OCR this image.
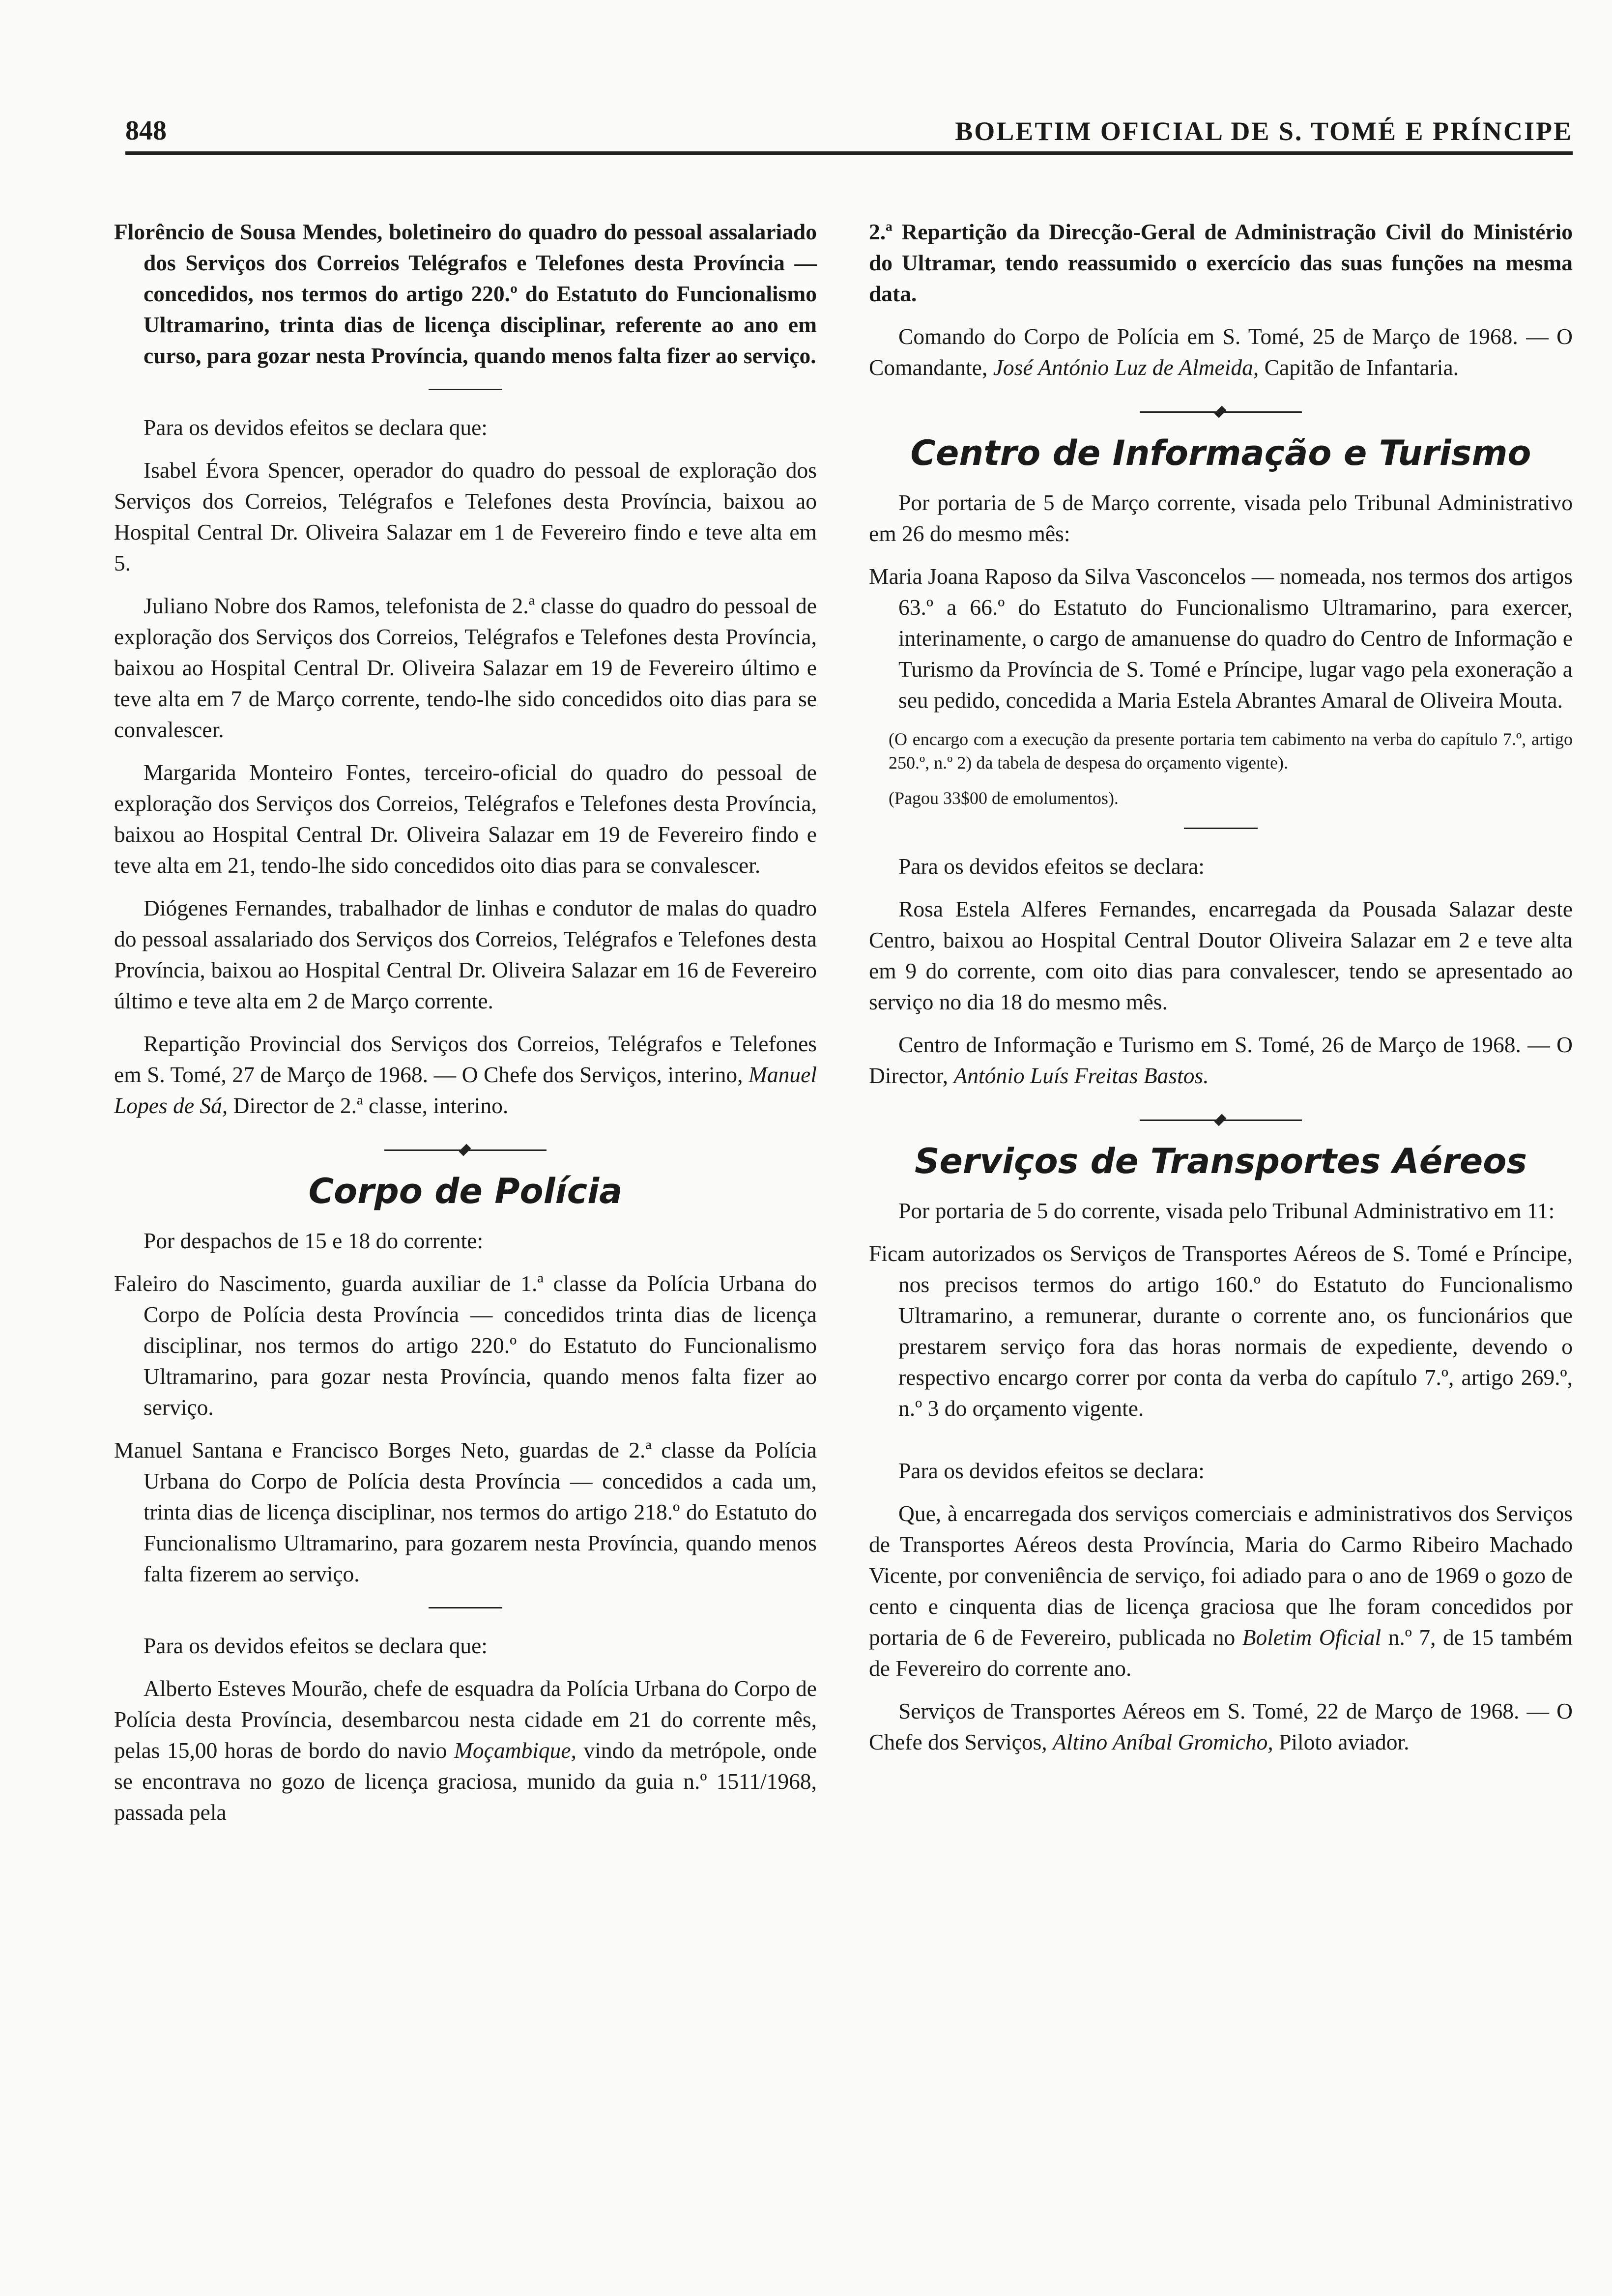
848	BOLETIM OFICIAL DE S. TOMÉ E PRÍNCIPE

Florêncio de Sousa Mendes, boletineiro do quadro do pessoal assalariado dos Serviços dos Correios Telégrafos e Telefones desta Província — concedidos, nos termos do artigo 220.º do Estatuto do Funcionalismo Ultramarino, trinta dias de licença disciplinar, referente ao ano em curso, para gozar nesta Província, quando menos falta fizer ao serviço.

Para os devidos efeitos se declara que:

Isabel Évora Spencer, operador do quadro do pessoal de exploração dos Serviços dos Correios, Telégrafos e Telefones desta Província, baixou ao Hospital Central Dr. Oliveira Salazar em 1 de Fevereiro findo e teve alta em 5.

Juliano Nobre dos Ramos, telefonista de 2.ª classe do quadro do pessoal de exploração dos Serviços dos Correios, Telégrafos e Telefones desta Província, baixou ao Hospital Central Dr. Oliveira Salazar em 19 de Fevereiro último e teve alta em 7 de Março corrente, tendo-lhe sido concedidos oito dias para se convalescer.

Margarida Monteiro Fontes, terceiro-oficial do quadro do pessoal de exploração dos Serviços dos Correios, Telégrafos e Telefones desta Província, baixou ao Hospital Central Dr. Oliveira Salazar em 19 de Fevereiro findo e teve alta em 21, tendo-lhe sido concedidos oito dias para se convalescer.

Diógenes Fernandes, trabalhador de linhas e condutor de malas do quadro do pessoal assalariado dos Serviços dos Correios, Telégrafos e Telefones desta Província, baixou ao Hospital Central Dr. Oliveira Salazar em 16 de Fevereiro último e teve alta em 2 de Março corrente.

Repartição Provincial dos Serviços dos Correios, Telégrafos e Telefones em S. Tomé, 27 de Março de 1968. — O Chefe dos Serviços, interino, Manuel Lopes de Sá, Director de 2.ª classe, interino.

Corpo de Polícia

Por despachos de 15 e 18 do corrente:

Faleiro do Nascimento, guarda auxiliar de 1.ª classe da Polícia Urbana do Corpo de Polícia desta Província — concedidos trinta dias de licença disciplinar, nos termos do artigo 220.º do Estatuto do Funcionalismo Ultramarino, para gozar nesta Província, quando menos falta fizer ao serviço.

Manuel Santana e Francisco Borges Neto, guardas de 2.ª classe da Polícia Urbana do Corpo de Polícia desta Província — concedidos a cada um, trinta dias de licença disciplinar, nos termos do artigo 218.º do Estatuto do Funcionalismo Ultramarino, para gozarem nesta Província, quando menos falta fizerem ao serviço.

Para os devidos efeitos se declara que:

Alberto Esteves Mourão, chefe de esquadra da Polícia Urbana do Corpo de Polícia desta Província, desembarcou nesta cidade em 21 do corrente mês, pelas 15,00 horas de bordo do navio Moçambique, vindo da metrópole, onde se encontrava no gozo de licença graciosa, munido da guia n.º 1511/1968, passada pela

2.ª Repartição da Direcção-Geral de Administração Civil do Ministério do Ultramar, tendo reassumido o exercício das suas funções na mesma data.

Comando do Corpo de Polícia em S. Tomé, 25 de Março de 1968. — O Comandante, José António Luz de Almeida, Capitão de Infantaria.

Centro de Informação e Turismo

Por portaria de 5 de Março corrente, visada pelo Tribunal Administrativo em 26 do mesmo mês:

Maria Joana Raposo da Silva Vasconcelos — nomeada, nos termos dos artigos 63.º a 66.º do Estatuto do Funcionalismo Ultramarino, para exercer, interinamente, o cargo de amanuense do quadro do Centro de Informação e Turismo da Província de S. Tomé e Príncipe, lugar vago pela exoneração a seu pedido, concedida a Maria Estela Abrantes Amaral de Oliveira Mouta.

(O encargo com a execução da presente portaria tem cabimento na verba do capítulo 7.º, artigo 250.º, n.º 2) da tabela de despesa do orçamento vigente).

(Pagou 33$00 de emolumentos).

Para os devidos efeitos se declara:

Rosa Estela Alferes Fernandes, encarregada da Pousada Salazar deste Centro, baixou ao Hospital Central Doutor Oliveira Salazar em 2 e teve alta em 9 do corrente, com oito dias para convalescer, tendo se apresentado ao serviço no dia 18 do mesmo mês.

Centro de Informação e Turismo em S. Tomé, 26 de Março de 1968. — O Director, António Luís Freitas Bastos.

Serviços de Transportes Aéreos

Por portaria de 5 do corrente, visada pelo Tribunal Administrativo em 11:

Ficam autorizados os Serviços de Transportes Aéreos de S. Tomé e Príncipe, nos precisos termos do artigo 160.º do Estatuto do Funcionalismo Ultramarino, a remunerar, durante o corrente ano, os funcionários que prestarem serviço fora das horas normais de expediente, devendo o respectivo encargo correr por conta da verba do capítulo 7.º, artigo 269.º, n.º 3 do orçamento vigente.

Para os devidos efeitos se declara:

Que, à encarregada dos serviços comerciais e administrativos dos Serviços de Transportes Aéreos desta Província, Maria do Carmo Ribeiro Machado Vicente, por conveniência de serviço, foi adiado para o ano de 1969 o gozo de cento e cinquenta dias de licença graciosa que lhe foram concedidos por portaria de 6 de Fevereiro, publicada no Boletim Oficial n.º 7, de 15 também de Fevereiro do corrente ano.

Serviços de Transportes Aéreos em S. Tomé, 22 de Março de 1968. — O Chefe dos Serviços, Altino Aníbal Gromicho, Piloto aviador.
